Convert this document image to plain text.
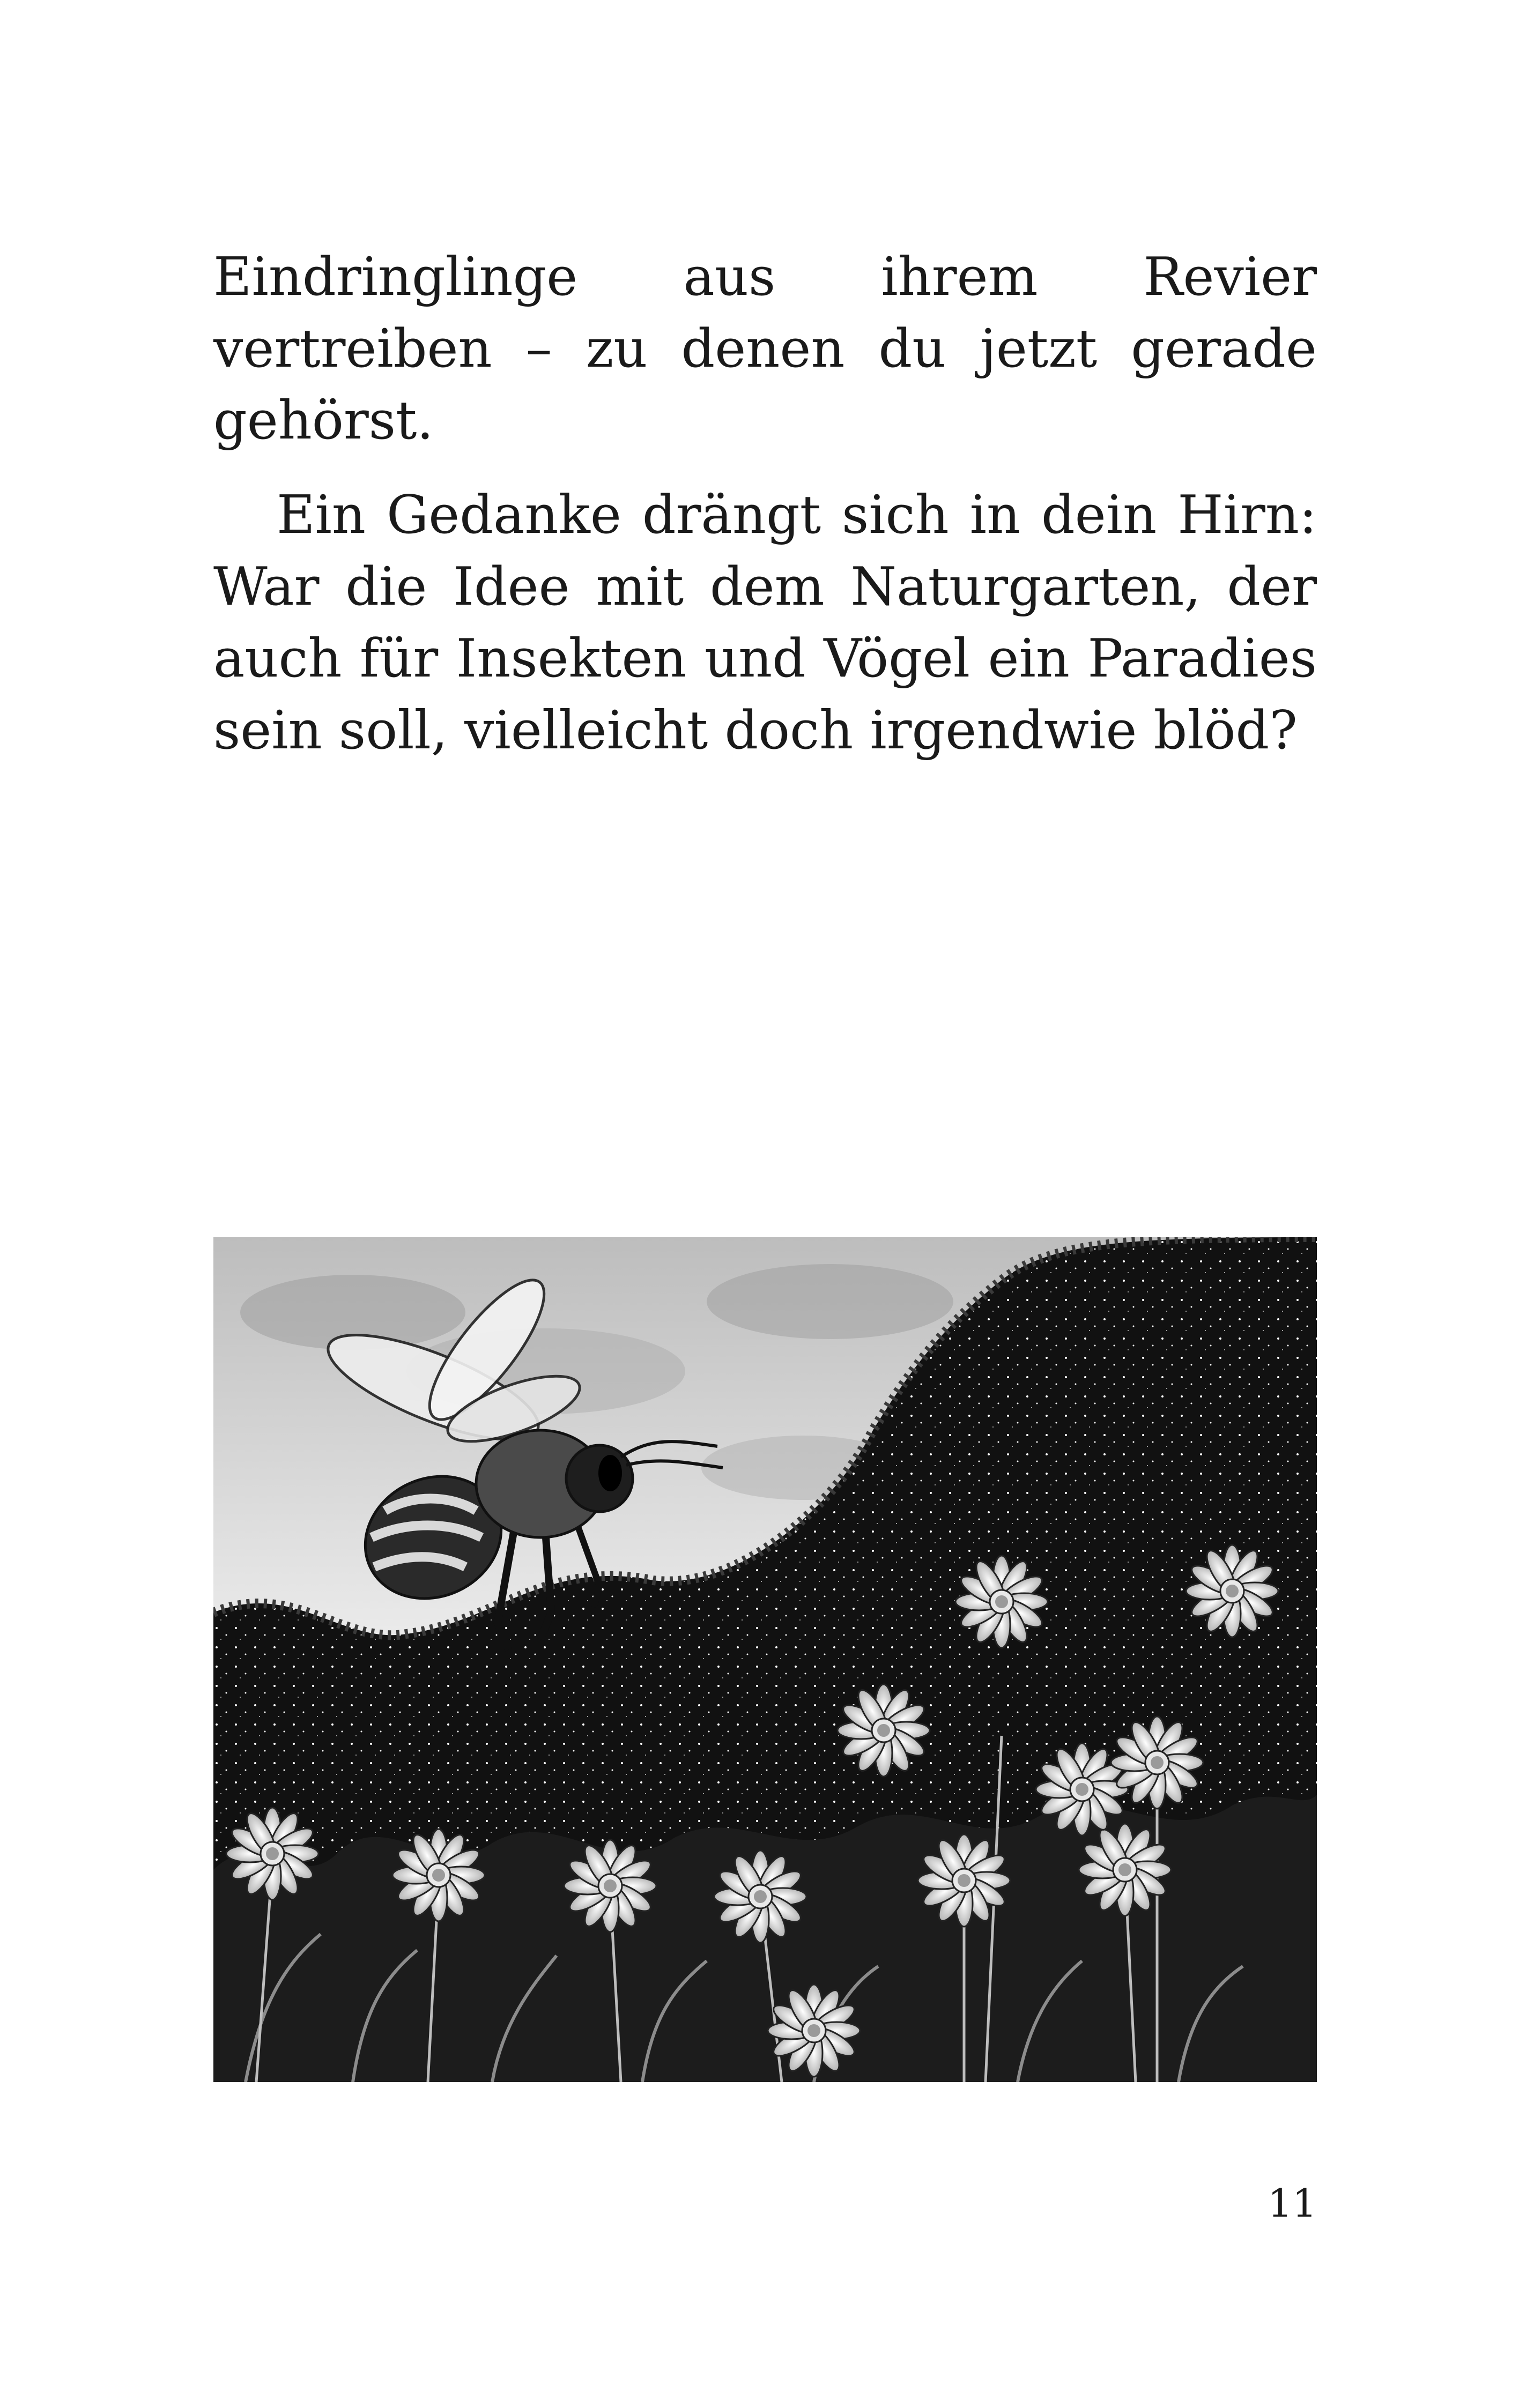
Eindringlinge aus ihrem Revier vertreiben – zu denen du jetzt gerade gehörst.

Ein Gedanke drängt sich in dein Hirn: War die Idee mit dem Naturgarten, der auch für Insekten und Vögel ein Paradies sein soll, vielleicht doch irgendwie blöd?

11
